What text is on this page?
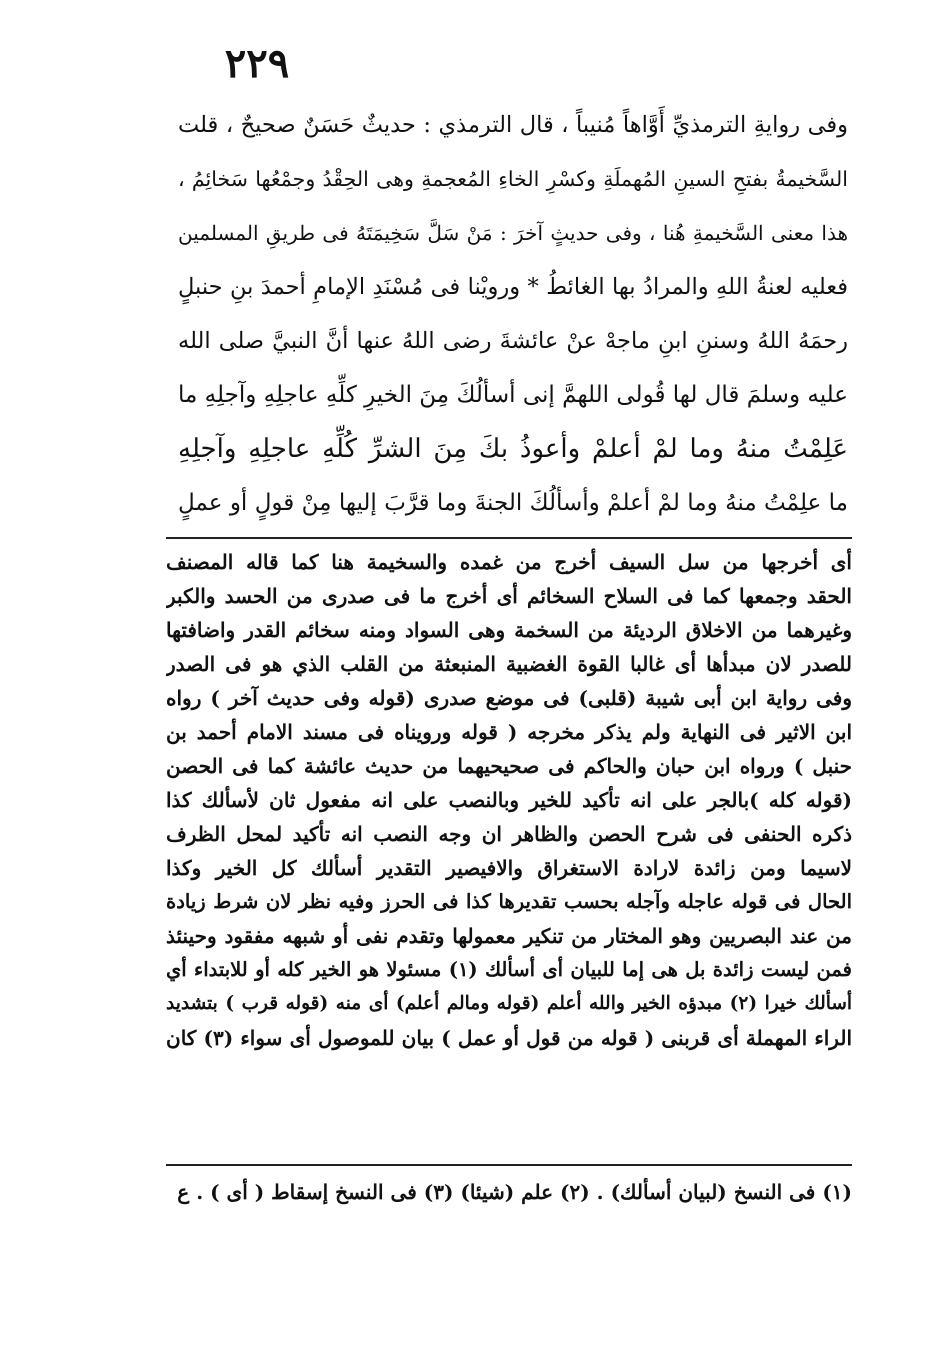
٢٢٩
وفى روايةِ الترمذيِّ أَوَّاهاً مُنيباً ، قال الترمذي : حديثٌ حَسَنٌ صحيحٌ ، قلت
السَّخيمةُ بفتحِ السينِ المُهملَةِ وكسْرِ الخاءِ المُعجمةِ وهى الحِقْدُ وجمْعُها سَخائِمُ ،
هذا معنى السَّخيمةِ هُنا ، وفى حديثٍ آخرَ : مَنْ سَلَّ سَخِيمَتَهُ فى طريقِ المسلمين
فعليه لعنةُ اللهِ والمرادُ بها الغائطُ * ورويْنا فى مُسْنَدِ الإمامِ أحمدَ بنِ حنبلٍ
رحمَهُ اللهُ وسننِ ابنِ ماجهْ عنْ عائشةَ رضى اللهُ عنها أنَّ النبيَّ صلى الله
عليه وسلمَ قال لها قُولى اللهمَّ إنى أسألُكَ مِنَ الخيرِ كلِّهِ عاجلِهِ وآجلِهِ ما
عَلِمْتُ منهُ وما لمْ أعلمْ وأعوذُ بكَ مِنَ الشرِّ كُلِّهِ عاجلِهِ وآجلِهِ
ما علِمْتُ منهُ وما لمْ أعلمْ وأسألُكَ الجنةَ وما قرَّبَ إليها مِنْ قولٍ أو عملٍ
أى أخرجها من سل السيف أخرج من غمده والسخيمة هنا كما قاله المصنف
الحقد وجمعها كما فى السلاح السخائم أى أخرج ما فى صدرى من الحسد والكبر
وغيرهما من الاخلاق الرديئة من السخمة وهى السواد ومنه سخائم القدر واضافتها
للصدر لان مبدأها أى غالبا القوة الغضبية المنبعثة من القلب الذي هو فى الصدر
وفى رواية ابن أبى شيبة (قلبى) فى موضع صدرى (قوله وفى حديث آخر ) رواه
ابن الاثير فى النهاية ولم يذكر مخرجه ( قوله ورويناه فى مسند الامام أحمد بن
حنبل ) ورواه ابن حبان والحاكم فى صحيحيهما من حديث عائشة كما فى الحصن
(قوله كله )بالجر على انه تأكيد للخير وبالنصب على انه مفعول ثان لأسألك كذا
ذكره الحنفى فى شرح الحصن والظاهر ان وجه النصب انه تأكيد لمحل الظرف
لاسيما ومن زائدة لارادة الاستغراق والافيصير التقدير أسألك كل الخير وكذا
الحال فى قوله عاجله وآجله بحسب تقديرها كذا فى الحرز وفيه نظر لان شرط زيادة
من عند البصريين وهو المختار من تنكير معمولها وتقدم نفى أو شبهه مفقود وحينئذ
فمن ليست زائدة بل هى إما للبيان أى أسألك (١) مسئولا هو الخير كله أو للابتداء أي
أسألك خيرا (٢) مبدؤه الخير والله أعلم (قوله ومالم أعلم) أى منه (قوله قرب ) بتشديد
الراء المهملة أى قربنى ( قوله من قول أو عمل ) بيان للموصول أى سواء (٣) كان
(١) فى النسخ (لبيان أسألك) . (٢) علم (شيئا) (٣) فى النسخ إسقاط ( أى ) . ع
